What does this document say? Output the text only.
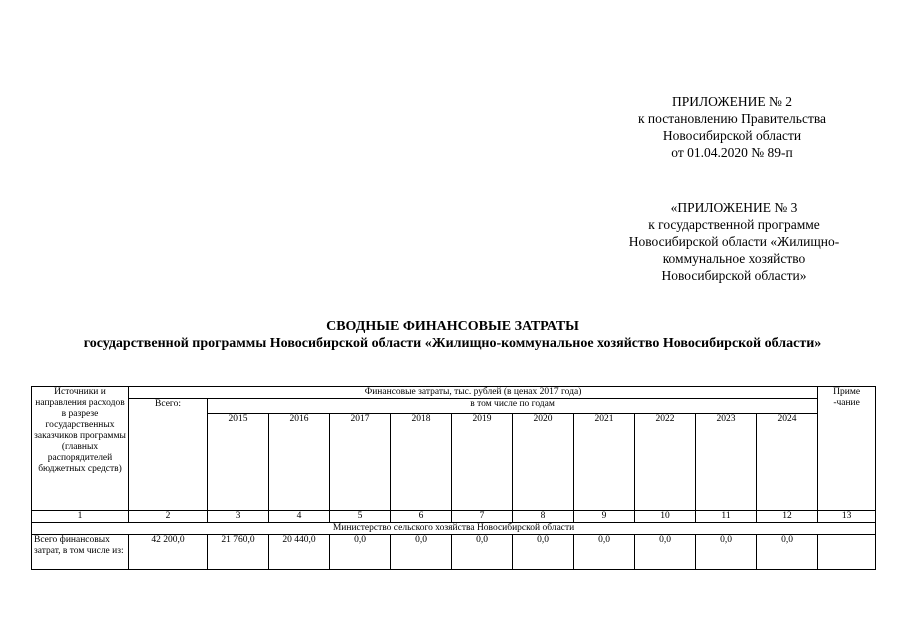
ПРИЛОЖЕНИЕ № 2
к постановлению Правительства
Новосибирской области
от 01.04.2020 № 89-п
«ПРИЛОЖЕНИЕ № 3
к государственной программе
Новосибирской области «Жилищно-
коммунальное хозяйство
Новосибирской области»
СВОДНЫЕ ФИНАНСОВЫЕ ЗАТРАТЫ
государственной программы Новосибирской области «Жилищно-коммунальное хозяйство Новосибирской области»
Источники и направления расходов в разрезе государственных заказчиков программы (главных распорядителей бюджетных средств)	Финансовые затраты, тыс. рублей (в ценах 2017 года)											Приме -чание
	Всего:	в том числе по годам										
		2015	2016	2017	2018	2019	2020	2021	2022	2023	2024	
1	2	3	4	5	6	7	8	9	10	11	12	13
Министерство сельского хозяйства Новосибирской области												
Всего финансовых затрат, в том числе из:	42 200,0	21 760,0	20 440,0	0,0	0,0	0,0	0,0	0,0	0,0	0,0	0,0	
